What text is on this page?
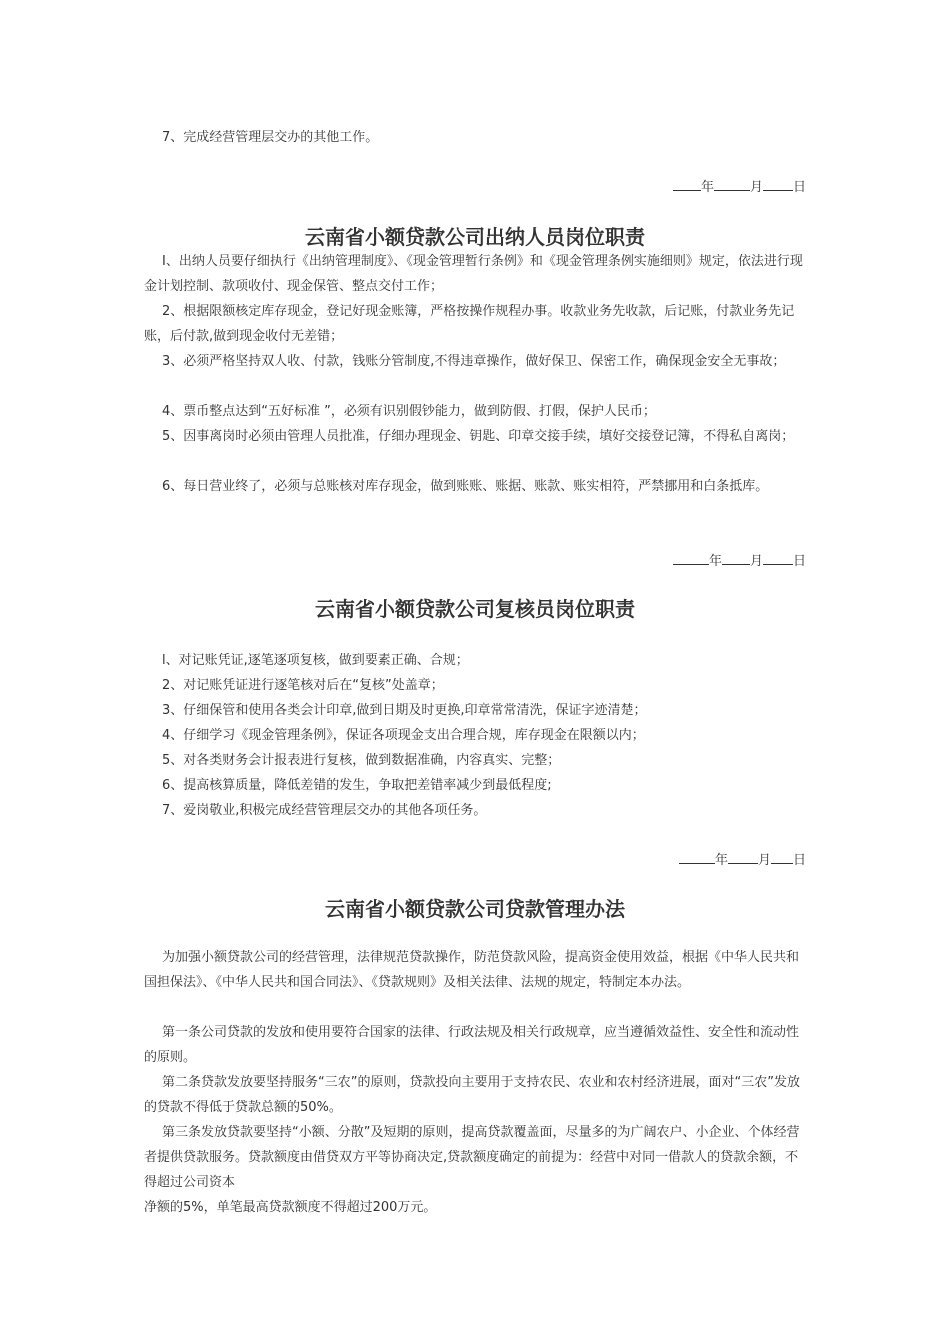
7、完成经营管理层交办的其他工作。

年	月 日
云南省小额贷款公司出纳人员岗位职责

I、出纳人员要仔细执行《出纳管理制度》、《现金管理暂行条例》和《现金管理条例实施细则》规定，依法进行现金计划控制、款项收付、现金保管、整点交付工作；

2、根据限额核定库存现金，登记好现金账簿，严格按操作规程办事。收款业务先收款，后记账，付款业务先记账，后付款,做到现金收付无差错；

3、必须严格坚持双人收、付款，钱账分管制度,不得违章操作，做好保卫、保密工作，确保现金安全无事故；

4、票币整点达到“五好标准 ”，必须有识别假钞能力，做到防假、打假，保护人民币；

5、因事离岗时必须由管理人员批准，仔细办理现金、钥匙、印章交接手续，填好交接登记簿，不得私自离岗；

6、每日营业终了，必须与总账核对库存现金，做到账账、账据、账款、账实相符，严禁挪用和白条抵库。

年 月 日
云南省小额贷款公司复核员岗位职责

l、对记账凭证,逐笔逐项复核，做到要素正确、合规；

2、对记账凭证进行逐笔核对后在“复核”处盖章；

3、仔细保管和使用各类会计印章,做到日期及时更换,印章常常清洗，保证字迹清楚；

4、仔细学习《现金管理条例》，保证各项现金支出合理合规，库存现金在限额以内；

5、对各类财务会计报表进行复核，做到数据准确，内容真实、完整；

6、提高核算质量，降低差错的发生，争取把差错率减少到最低程度;

7、爱岗敬业,积极完成经营管理层交办的其他各项任务。

年 月 日
云南省小额贷款公司贷款管理办法

为加强小额贷款公司的经营管理，法律规范贷款操作，防范贷款风险，提高资金使用效益，根据《中华人民共和国担保法》、《中华人民共和国合同法》、《贷款规则》及相关法律、法规的规定，特制定本办法。

第一条公司贷款的发放和使用要符合国家的法律、行政法规及相关行政规章，应当遵循效益性、安全性和流动性的原则。

第二条贷款发放要坚持服务“三农”的原则，贷款投向主要用于支持农民、农业和农村经济进展，面对“三农”发放的贷款不得低于贷款总额的50%。

第三条发放贷款要坚持“小额、分散”及短期的原则，提高贷款覆盖面，尽量多的为广阔农户、小企业、个体经营者提供贷款服务。贷款额度由借贷双方平等协商决定,贷款额度确定的前提为：经营中对同一借款人的贷款余额，不得超过公司资本

净额的5%，单笔最高贷款额度不得超过200万元。
